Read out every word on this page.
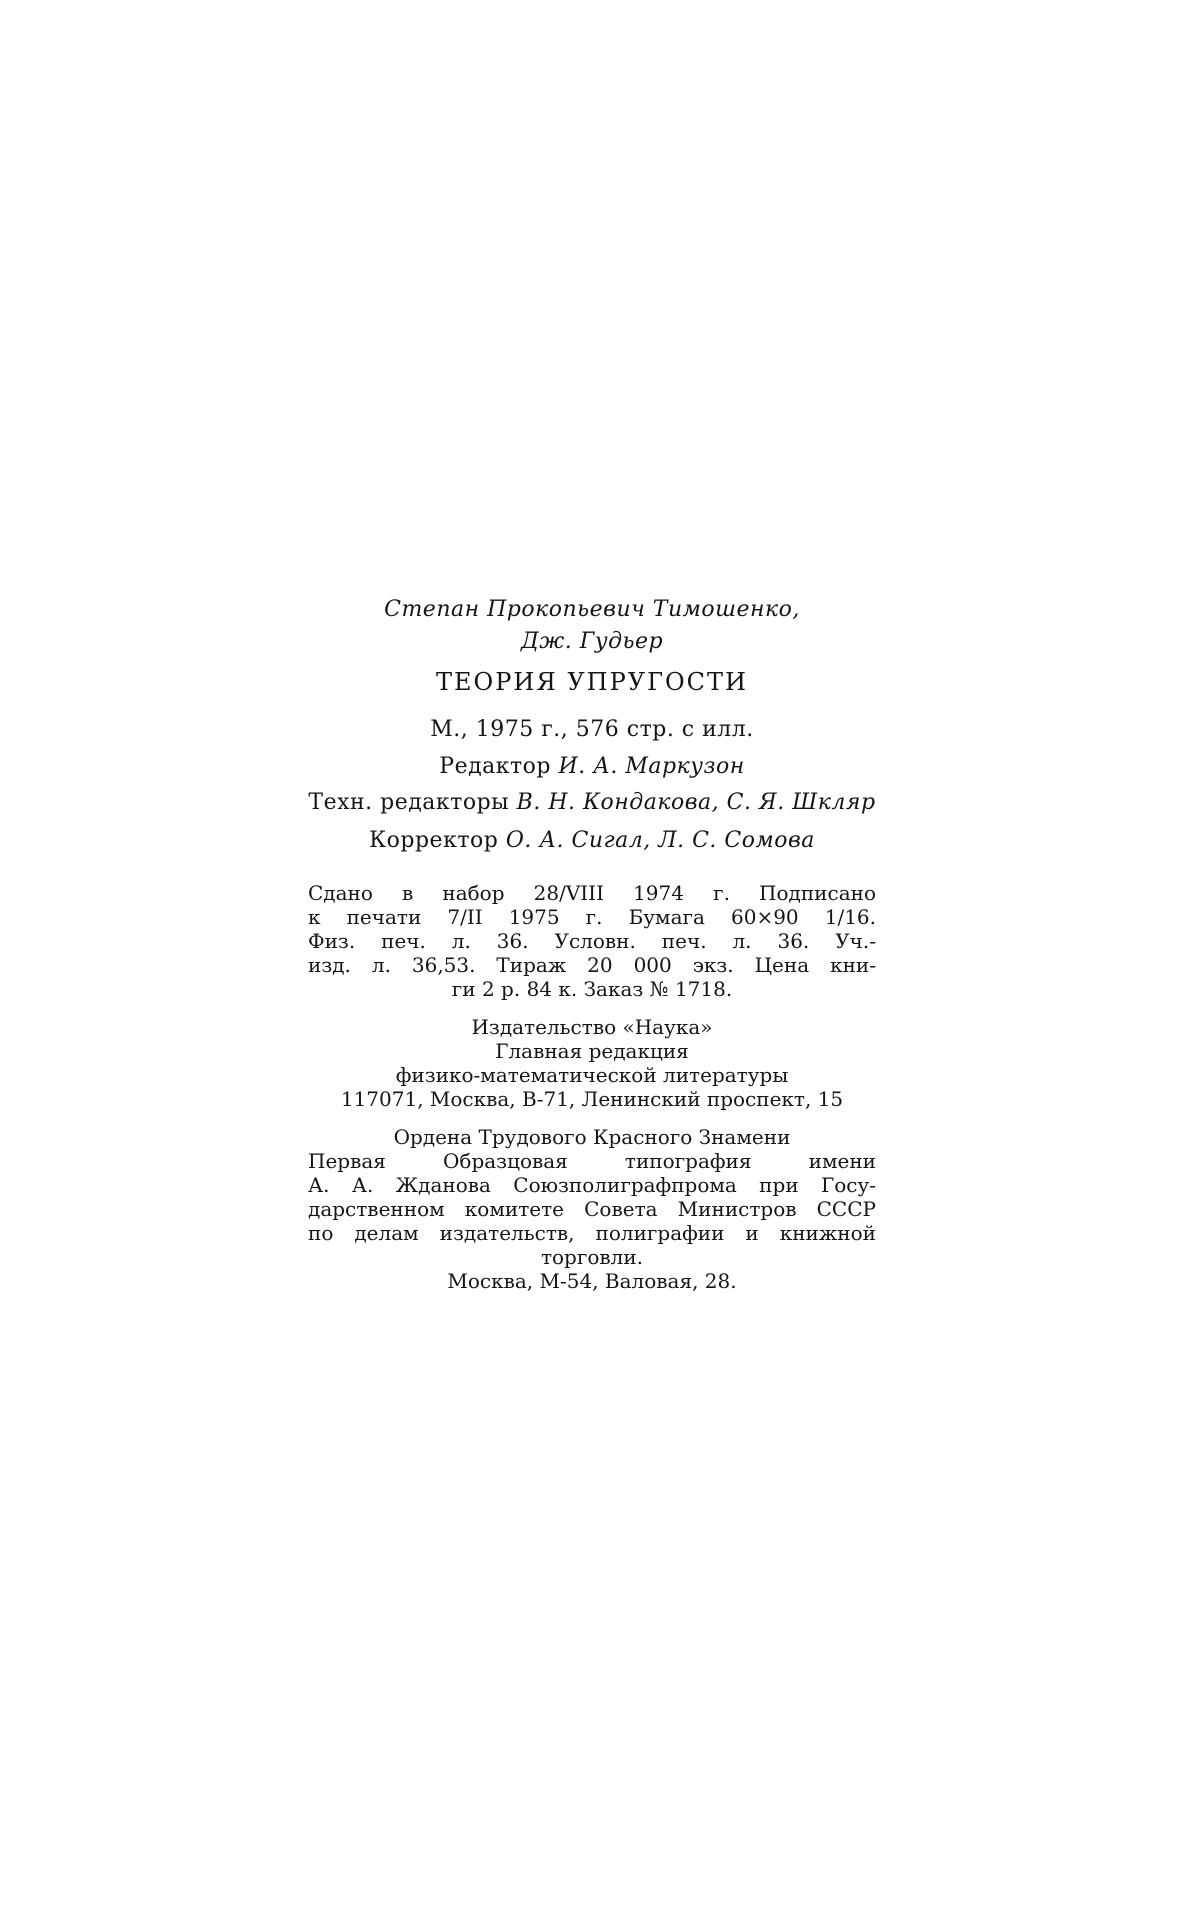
Степан Прокопьевич Тимошенко,
Дж. Гудьер
ТЕОРИЯ УПРУГОСТИ
М., 1975 г., 576 стр. с илл.
Редактор И. А. Маркузон
Техн. редакторы В. Н. Кондакова, С. Я. Шкляр
Корректор О. А. Сигал, Л. С. Сомова
Сдано в набор 28/VIII 1974 г. Подписано
к печати 7/II 1975 г. Бумага 60×90 1/16.
Физ. печ. л. 36. Условн. печ. л. 36. Уч.-
изд. л. 36,53. Тираж 20 000 экз. Цена кни-
ги 2 р. 84 к. Заказ № 1718.
Издательство «Наука»
Главная редакция
физико-математической литературы
117071, Москва, В-71, Ленинский проспект, 15
Ордена Трудового Красного Знамени
Первая Образцовая типография имени
А. А. Жданова Союзполиграфпрома при Госу-
дарственном комитете Совета Министров СССР
по делам издательств, полиграфии и книжной
торговли.
Москва, М-54, Валовая, 28.
